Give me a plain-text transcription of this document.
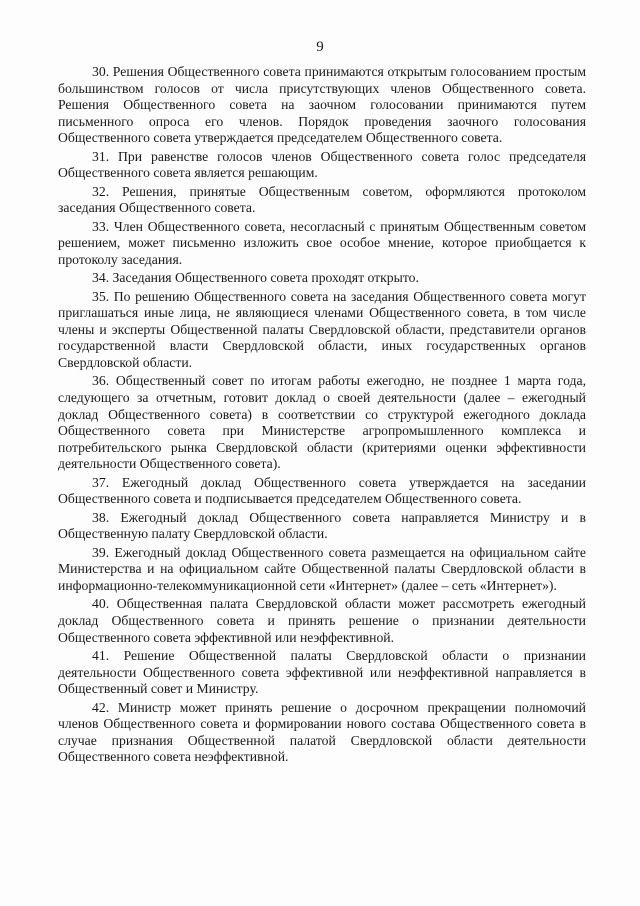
9

30. Решения Общественного совета принимаются открытым голосованием простым большинством голосов от числа присутствующих членов Общественного совета. Решения Общественного совета на заочном голосовании принимаются путем письменного опроса его членов. Порядок проведения заочного голосования Общественного совета утверждается председателем Общественного совета.

31. При равенстве голосов членов Общественного совета голос председателя Общественного совета является решающим.

32. Решения, принятые Общественным советом, оформляются протоколом заседания Общественного совета.

33. Член Общественного совета, несогласный с принятым Общественным советом решением, может письменно изложить свое особое мнение, которое приобщается к протоколу заседания.

34. Заседания Общественного совета проходят открыто.

35. По решению Общественного совета на заседания Общественного совета могут приглашаться иные лица, не являющиеся членами Общественного совета, в том числе члены и эксперты Общественной палаты Свердловской области, представители органов государственной власти Свердловской области, иных государственных органов Свердловской области.

36. Общественный совет по итогам работы ежегодно, не позднее 1 марта года, следующего за отчетным, готовит доклад о своей деятельности (далее – ежегодный доклад Общественного совета) в соответствии со структурой ежегодного доклада Общественного совета при Министерстве агропромышленного комплекса и потребительского рынка Свердловской области (критериями оценки эффективности деятельности Общественного совета).

37. Ежегодный доклад Общественного совета утверждается на заседании Общественного совета и подписывается председателем Общественного совета.

38. Ежегодный доклад Общественного совета направляется Министру и в Общественную палату Свердловской области.

39. Ежегодный доклад Общественного совета размещается на официальном сайте Министерства и на официальном сайте Общественной палаты Свердловской области в информационно-телекоммуникационной сети «Интернет» (далее – сеть «Интернет»).

40. Общественная палата Свердловской области может рассмотреть ежегодный доклад Общественного совета и принять решение о признании деятельности Общественного совета эффективной или неэффективной.

41. Решение Общественной палаты Свердловской области о признании деятельности Общественного совета эффективной или неэффективной направляется в Общественный совет и Министру.

42. Министр может принять решение о досрочном прекращении полномочий членов Общественного совета и формировании нового состава Общественного совета в случае признания Общественной палатой Свердловской области деятельности Общественного совета неэффективной.
